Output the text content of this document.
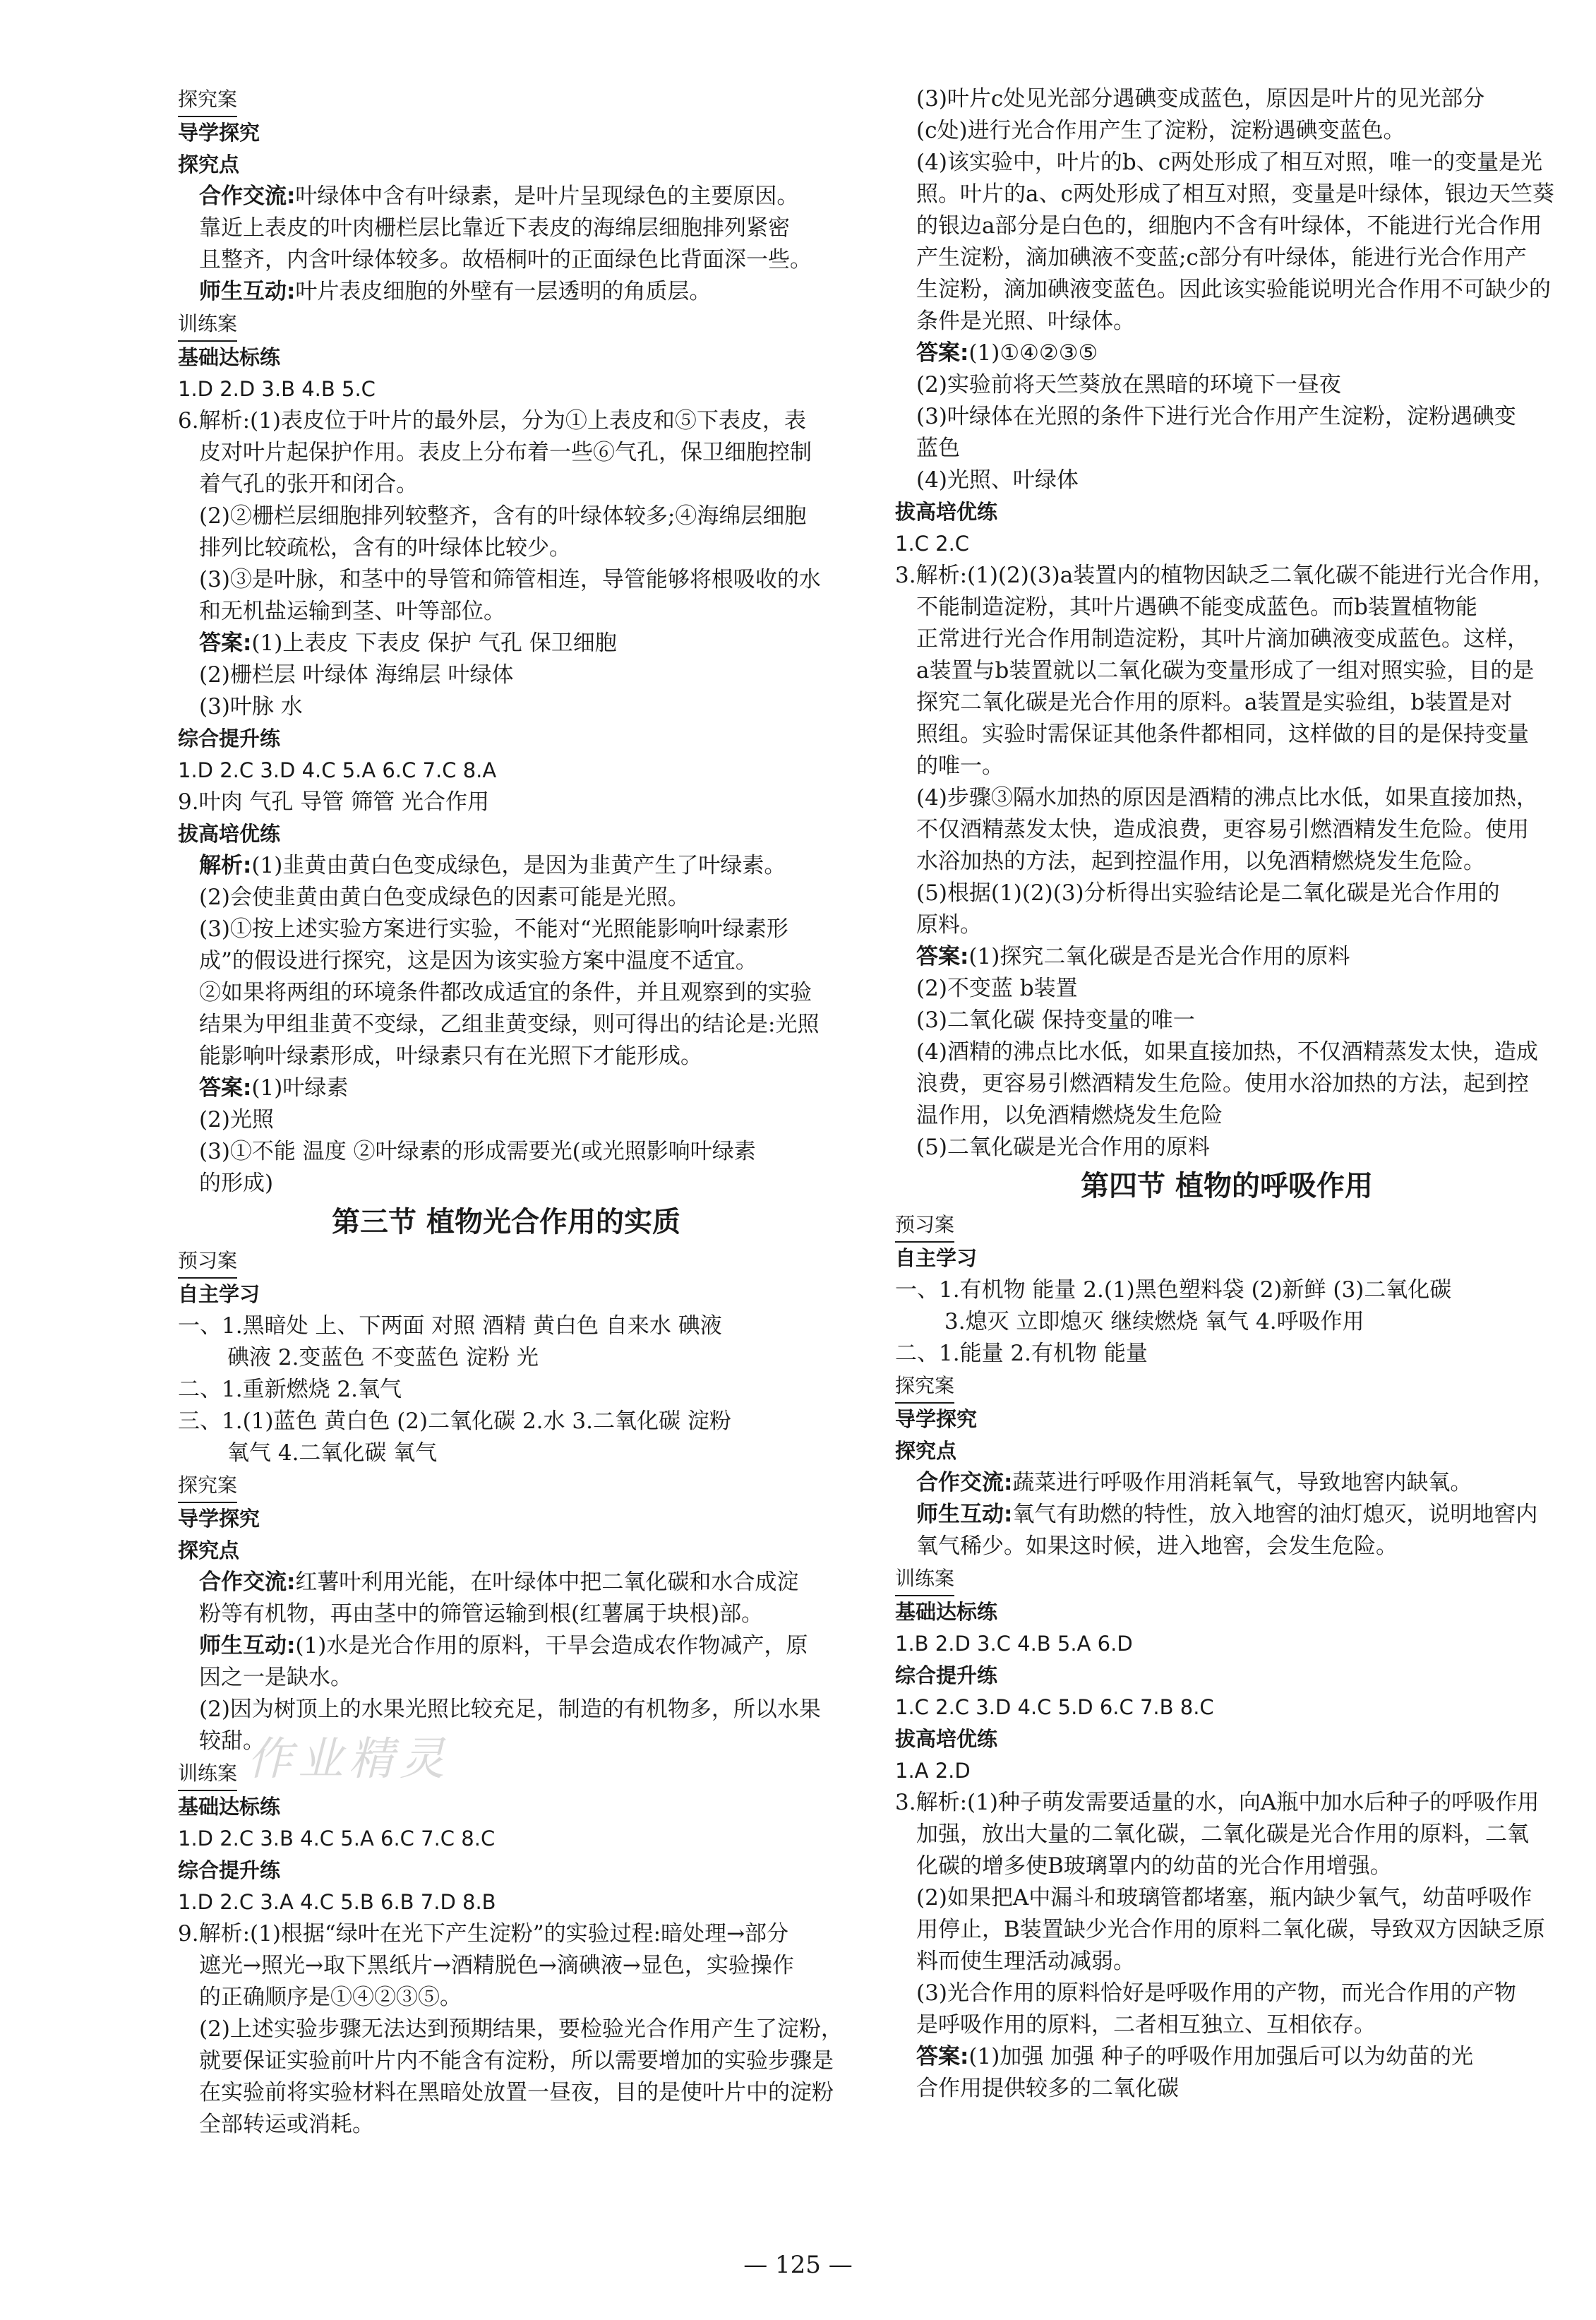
探究案
导学探究
探究点
合作交流:叶绿体中含有叶绿素，是叶片呈现绿色的主要原因。
靠近上表皮的叶肉栅栏层比靠近下表皮的海绵层细胞排列紧密
且整齐，内含叶绿体较多。故梧桐叶的正面绿色比背面深一些。
师生互动:叶片表皮细胞的外壁有一层透明的角质层。
训练案
基础达标练
1.D 2.D 3.B 4.B 5.C
6.解析:(1)表皮位于叶片的最外层，分为①上表皮和⑤下表皮，表
皮对叶片起保护作用。表皮上分布着一些⑥气孔，保卫细胞控制
着气孔的张开和闭合。
(2)②栅栏层细胞排列较整齐，含有的叶绿体较多;④海绵层细胞
排列比较疏松，含有的叶绿体比较少。
(3)③是叶脉，和茎中的导管和筛管相连，导管能够将根吸收的水
和无机盐运输到茎、叶等部位。
答案:(1)上表皮 下表皮 保护 气孔 保卫细胞
(2)栅栏层 叶绿体 海绵层 叶绿体
(3)叶脉 水
综合提升练
1.D 2.C 3.D 4.C 5.A 6.C 7.C 8.A
9.叶肉 气孔 导管 筛管 光合作用
拔高培优练
解析:(1)韭黄由黄白色变成绿色，是因为韭黄产生了叶绿素。
(2)会使韭黄由黄白色变成绿色的因素可能是光照。
(3)①按上述实验方案进行实验，不能对“光照能影响叶绿素形
成”的假设进行探究，这是因为该实验方案中温度不适宜。
②如果将两组的环境条件都改成适宜的条件，并且观察到的实验
结果为甲组韭黄不变绿，乙组韭黄变绿，则可得出的结论是:光照
能影响叶绿素形成，叶绿素只有在光照下才能形成。
答案:(1)叶绿素
(2)光照
(3)①不能 温度 ②叶绿素的形成需要光(或光照影响叶绿素
的形成)
第三节 植物光合作用的实质
预习案
自主学习
一、1.黑暗处 上、下两面 对照 酒精 黄白色 自来水 碘液
碘液 2.变蓝色 不变蓝色 淀粉 光
二、1.重新燃烧 2.氧气
三、1.(1)蓝色 黄白色 (2)二氧化碳 2.水 3.二氧化碳 淀粉
氧气 4.二氧化碳 氧气
探究案
导学探究
探究点
合作交流:红薯叶利用光能，在叶绿体中把二氧化碳和水合成淀
粉等有机物，再由茎中的筛管运输到根(红薯属于块根)部。
师生互动:(1)水是光合作用的原料，干旱会造成农作物减产，原
因之一是缺水。
(2)因为树顶上的水果光照比较充足，制造的有机物多，所以水果
较甜。
训练案
基础达标练
1.D 2.C 3.B 4.C 5.A 6.C 7.C 8.C
综合提升练
1.D 2.C 3.A 4.C 5.B 6.B 7.D 8.B
9.解析:(1)根据“绿叶在光下产生淀粉”的实验过程:暗处理→部分
遮光→照光→取下黑纸片→酒精脱色→滴碘液→显色，实验操作
的正确顺序是①④②③⑤。
(2)上述实验步骤无法达到预期结果，要检验光合作用产生了淀粉，
就要保证实验前叶片内不能含有淀粉，所以需要增加的实验步骤是
在实验前将实验材料在黑暗处放置一昼夜，目的是使叶片中的淀粉
全部转运或消耗。
(3)叶片c处见光部分遇碘变成蓝色，原因是叶片的见光部分
(c处)进行光合作用产生了淀粉，淀粉遇碘变蓝色。
(4)该实验中，叶片的b、c两处形成了相互对照，唯一的变量是光
照。叶片的a、c两处形成了相互对照，变量是叶绿体，银边天竺葵
的银边a部分是白色的，细胞内不含有叶绿体，不能进行光合作用
产生淀粉，滴加碘液不变蓝;c部分有叶绿体，能进行光合作用产
生淀粉，滴加碘液变蓝色。因此该实验能说明光合作用不可缺少的
条件是光照、叶绿体。
答案:(1)①④②③⑤
(2)实验前将天竺葵放在黑暗的环境下一昼夜
(3)叶绿体在光照的条件下进行光合作用产生淀粉，淀粉遇碘变
蓝色
(4)光照、叶绿体
拔高培优练
1.C 2.C
3.解析:(1)(2)(3)a装置内的植物因缺乏二氧化碳不能进行光合作用，
不能制造淀粉，其叶片遇碘不能变成蓝色。而b装置植物能
正常进行光合作用制造淀粉，其叶片滴加碘液变成蓝色。这样，
a装置与b装置就以二氧化碳为变量形成了一组对照实验，目的是
探究二氧化碳是光合作用的原料。a装置是实验组，b装置是对
照组。实验时需保证其他条件都相同，这样做的目的是保持变量
的唯一。
(4)步骤③隔水加热的原因是酒精的沸点比水低，如果直接加热，
不仅酒精蒸发太快，造成浪费，更容易引燃酒精发生危险。使用
水浴加热的方法，起到控温作用，以免酒精燃烧发生危险。
(5)根据(1)(2)(3)分析得出实验结论是二氧化碳是光合作用的
原料。
答案:(1)探究二氧化碳是否是光合作用的原料
(2)不变蓝 b装置
(3)二氧化碳 保持变量的唯一
(4)酒精的沸点比水低，如果直接加热，不仅酒精蒸发太快，造成
浪费，更容易引燃酒精发生危险。使用水浴加热的方法，起到控
温作用，以免酒精燃烧发生危险
(5)二氧化碳是光合作用的原料
第四节 植物的呼吸作用
预习案
自主学习
一、1.有机物 能量 2.(1)黑色塑料袋 (2)新鲜 (3)二氧化碳
3.熄灭 立即熄灭 继续燃烧 氧气 4.呼吸作用
二、1.能量 2.有机物 能量
探究案
导学探究
探究点
合作交流:蔬菜进行呼吸作用消耗氧气，导致地窖内缺氧。
师生互动:氧气有助燃的特性，放入地窖的油灯熄灭，说明地窖内
氧气稀少。如果这时候，进入地窖，会发生危险。
训练案
基础达标练
1.B 2.D 3.C 4.B 5.A 6.D
综合提升练
1.C 2.C 3.D 4.C 5.D 6.C 7.B 8.C
拔高培优练
1.A 2.D
3.解析:(1)种子萌发需要适量的水，向A瓶中加水后种子的呼吸作用
加强，放出大量的二氧化碳，二氧化碳是光合作用的原料，二氧
化碳的增多使B玻璃罩内的幼苗的光合作用增强。
(2)如果把A中漏斗和玻璃管都堵塞，瓶内缺少氧气，幼苗呼吸作
用停止，B装置缺少光合作用的原料二氧化碳，导致双方因缺乏原
料而使生理活动减弱。
(3)光合作用的原料恰好是呼吸作用的产物，而光合作用的产物
是呼吸作用的原料，二者相互独立、互相依存。
答案:(1)加强 加强 种子的呼吸作用加强后可以为幼苗的光
合作用提供较多的二氧化碳
作业精灵
— 125 —
